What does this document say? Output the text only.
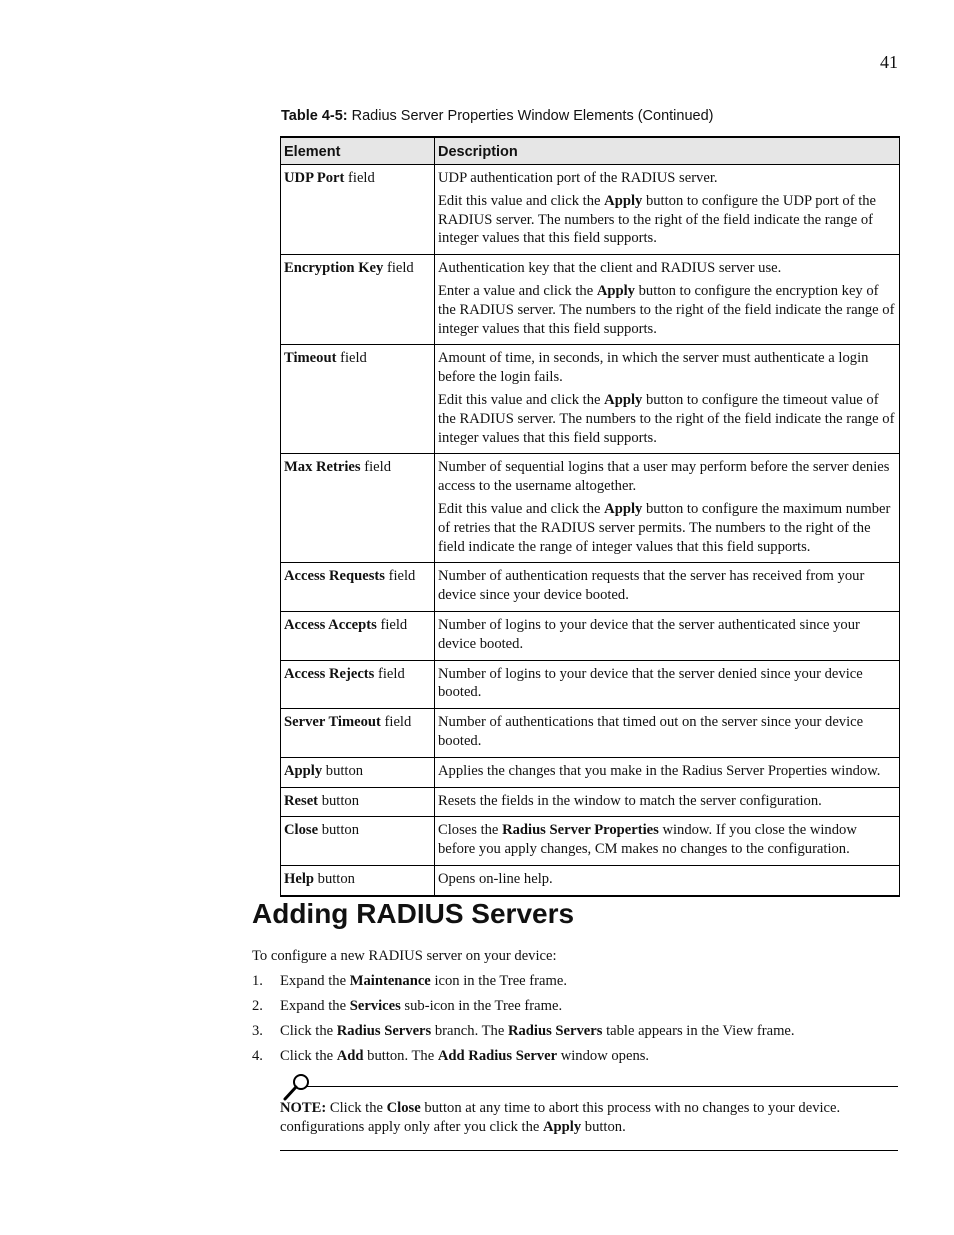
41
Table 4-5: Radius Server Properties Window Elements (Continued)
Element	Description
UDP Port field	UDP authentication port of the RADIUS server.

Edit this value and click the Apply button to configure the UDP port of the RADIUS server. The numbers to the right of the field indicate the range of integer values that this field supports.

Encryption Key field	Authentication key that the client and RADIUS server use.

Enter a value and click the Apply button to configure the encryption key of the RADIUS server. The numbers to the right of the field indicate the range of integer values that this field supports.

Timeout field	Amount of time, in seconds, in which the server must authenticate a login before the login fails.

Edit this value and click the Apply button to configure the timeout value of the RADIUS server. The numbers to the right of the field indicate the range of integer values that this field supports.

Max Retries field	Number of sequential logins that a user may perform before the server denies access to the username altogether.

Edit this value and click the Apply button to configure the maximum number of retries that the RADIUS server permits. The numbers to the right of the field indicate the range of integer values that this field supports.

Access Requests field	Number of authentication requests that the server has received from your device since your device booted.

Access Accepts field	Number of logins to your device that the server authenticated since your device booted.

Access Rejects field	Number of logins to your device that the server denied since your device booted.

Server Timeout field	Number of authentications that timed out on the server since your device booted.

Apply button	Applies the changes that you make in the Radius Server Properties window.

Reset button	Resets the fields in the window to match the server configuration.

Close button	Closes the Radius Server Properties window. If you close the window before you apply changes, CM makes no changes to the configuration.

Help button	Opens on-line help.

Adding RADIUS Servers
To configure a new RADIUS server on your device:
1.	Expand the Maintenance icon in the Tree frame.
2.	Expand the Services sub-icon in the Tree frame.
3.	Click the Radius Servers branch. The Radius Servers table appears in the View frame.
4.	Click the Add button. The Add Radius Server window opens.
NOTE: Click the Close button at any time to abort this process with no changes to your device. configurations apply only after you click the Apply button.
